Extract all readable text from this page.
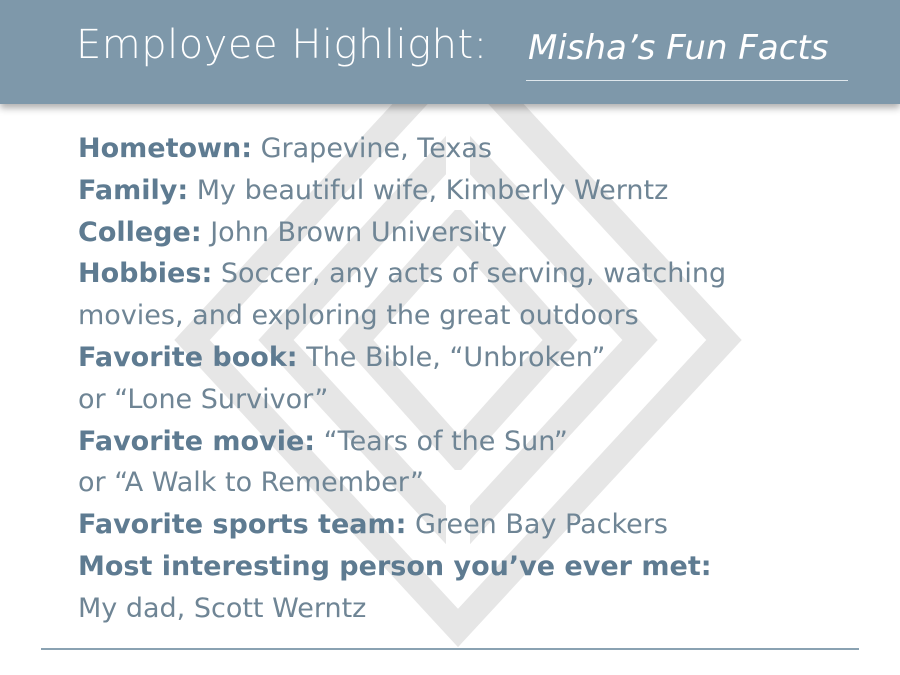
Employee Highlight: Misha’s Fun Facts
Hometown: Grapevine, Texas
Family: My beautiful wife, Kimberly Werntz
College: John Brown University
Hobbies: Soccer, any acts of serving, watching
movies, and exploring the great outdoors
Favorite book: The Bible, “Unbroken”
or “Lone Survivor”
Favorite movie: “Tears of the Sun”
or “A Walk to Remember”
Favorite sports team: Green Bay Packers
Most interesting person you’ve ever met:
My dad, Scott Werntz
